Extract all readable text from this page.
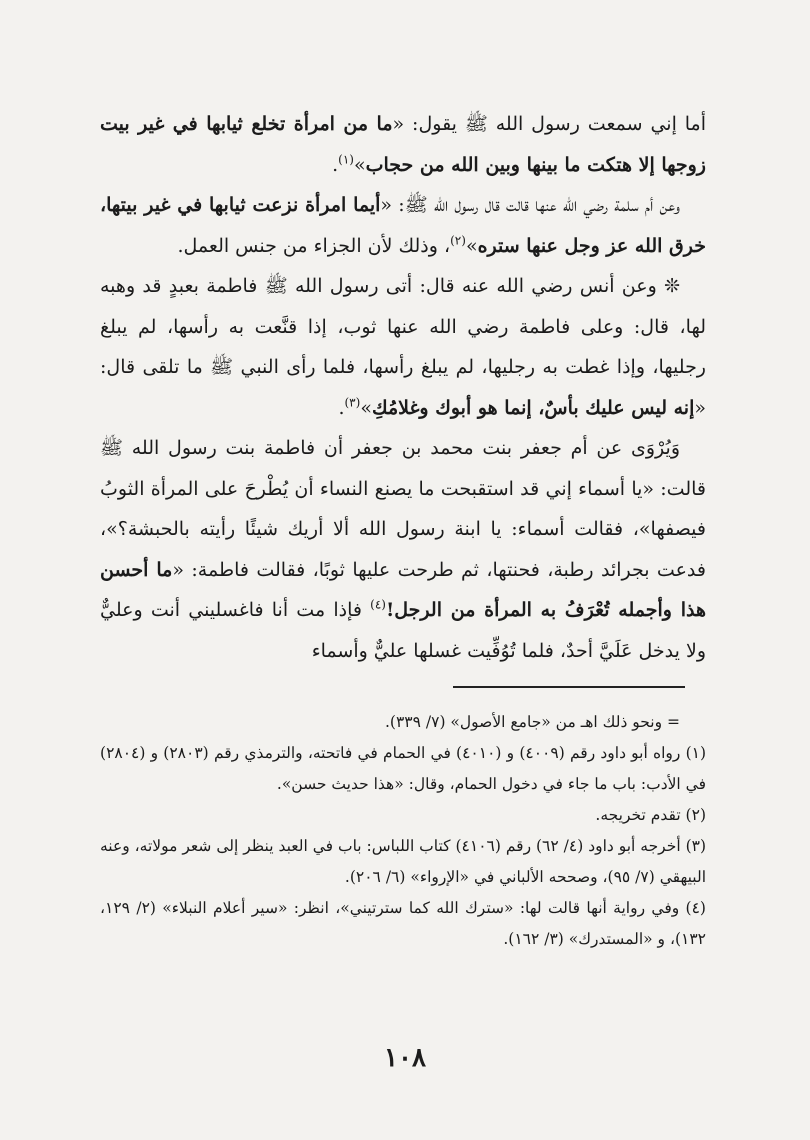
أما إني سمعت رسول الله ﷺ يقول: «ما من امرأة تخلع ثيابها في غير بيت زوجها إلا هتكت ما بينها وبين الله من حجاب»$^{(١)}$.

وعن أم سلمة رضي الله عنها قالت قال رسول الله ﷺ: «أيما امرأة نزعت ثيابها في غير بيتها، خرق الله عز وجل عنها ستره»$^{(٢)}$، وذلك لأن الجزاء من جنس العمل.

❊ وعن أنس رضي الله عنه قال: أتى رسول الله ﷺ فاطمة بعبدٍ قد وهبه لها، قال: وعلى فاطمة رضي الله عنها ثوب، إذا قنَّعت به رأسها، لم يبلغ رجليها، وإذا غطت به رجليها، لم يبلغ رأسها، فلما رأى النبي ﷺ ما تلقى قال: «إنه ليس عليك بأسٌ، إنما هو أبوك وغلامُكِ»$^{(٣)}$.

وَيُرْوَى عن أم جعفر بنت محمد بن جعفر أن فاطمة بنت رسول الله ﷺ قالت: «يا أسماء إني قد استقبحت ما يصنع النساء أن يُطْرحَ على المرأة الثوبُ فيصفها»، فقالت أسماء: يا ابنة رسول الله ألا أريك شيئًا رأيته بالحبشة؟»، فدعت بجرائد رطبة، فحنتها، ثم طرحت عليها ثوبًا، فقالت فاطمة: «ما أحسن هذا وأجمله تُعْرَفُ به المرأة من الرجل!$^{(٤)}$ فإذا مت أنا فاغسليني أنت وعليٌّ ولا يدخل عَلَيَّ أحدٌ، فلما تُوُفِّيت غسلها عليٌّ وأسماء

= ونحو ذلك اهـ من «جامع الأصول» (٧/ ٣٣٩).

(١) رواه أبو داود رقم (٤٠٠٩) و (٤٠١٠) في الحمام في فاتحته، والترمذي رقم (٢٨٠٣) و (٢٨٠٤) في الأدب: باب ما جاء في دخول الحمام، وقال: «هذا حديث حسن».

(٢) تقدم تخريجه.

(٣) أخرجه أبو داود (٤/ ٦٢) رقم (٤١٠٦) كتاب اللباس: باب في العبد ينظر إلى شعر مولاته، وعنه البيهقي (٧/ ٩٥)، وصححه الألباني في «الإرواء» (٦/ ٢٠٦).

(٤) وفي رواية أنها قالت لها: «سترك الله كما سترتيني»، انظر: «سير أعلام النبلاء» (٢/ ١٢٩، ١٣٢)، و «المستدرك» (٣/ ١٦٢).

١٠٨
